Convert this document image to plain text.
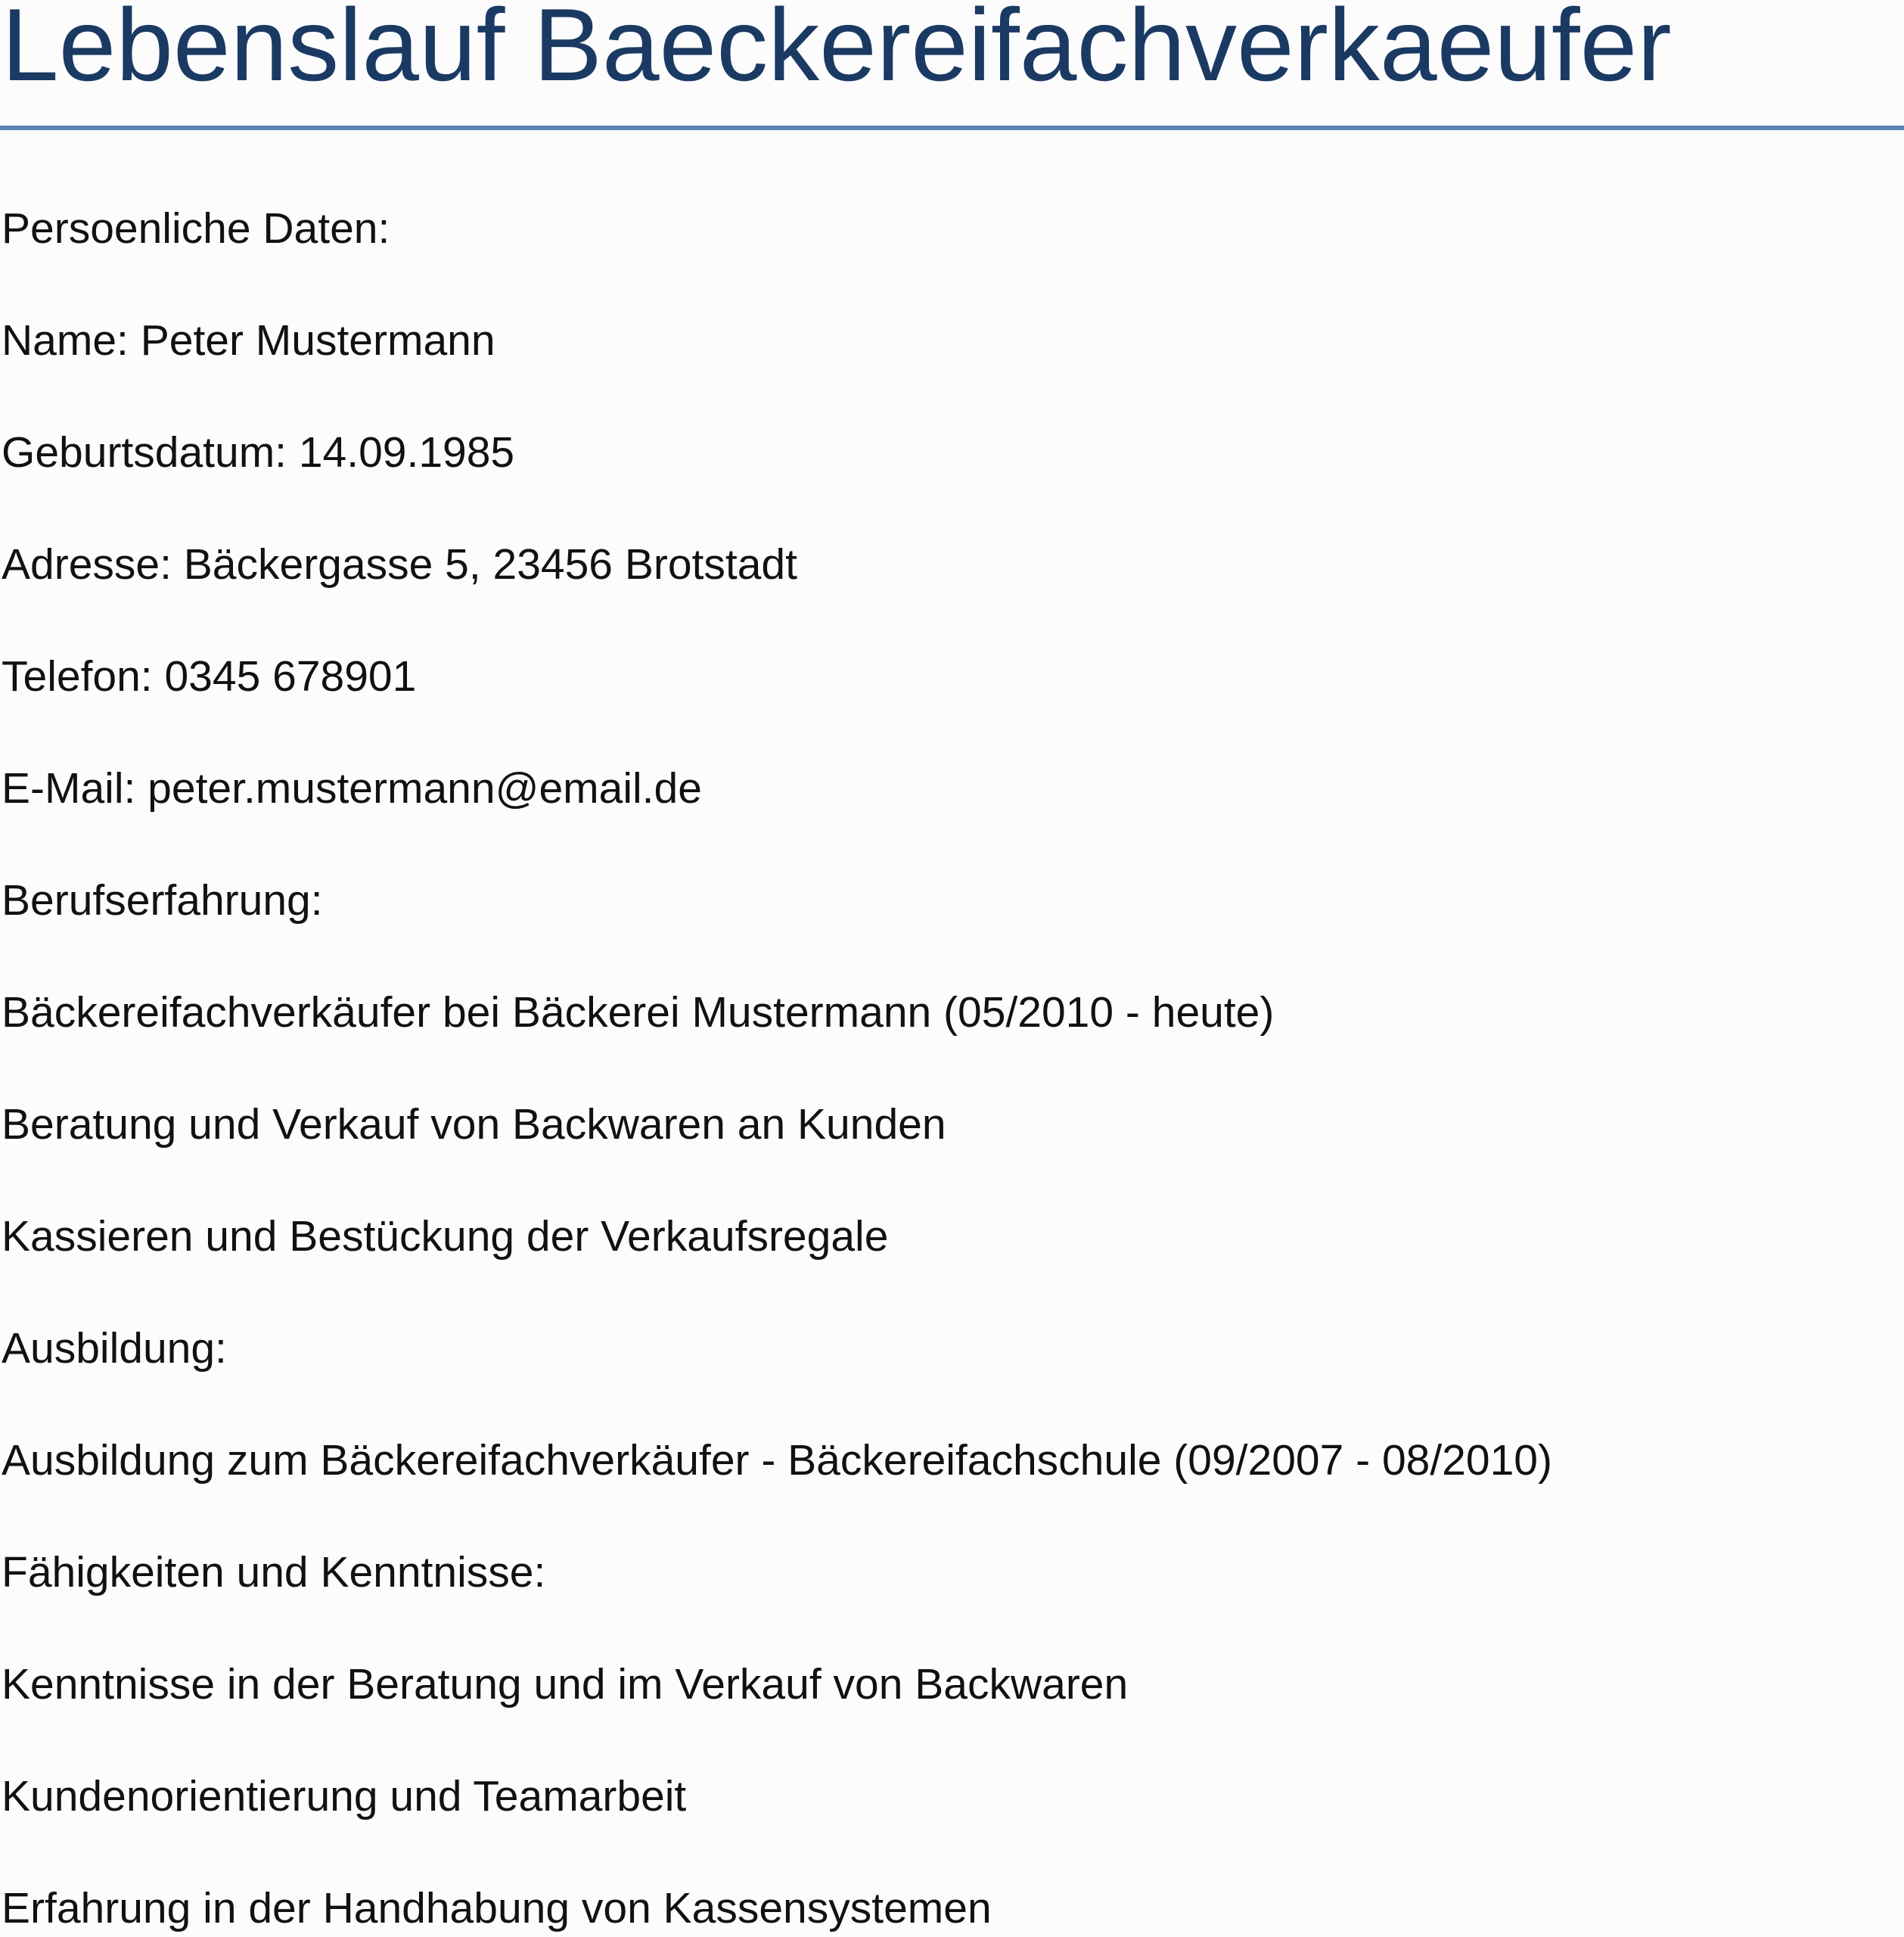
Lebenslauf Baeckereifachverkaeufer

Persoenliche Daten:

Name: Peter Mustermann

Geburtsdatum: 14.09.1985

Adresse: Bäckergasse 5, 23456 Brotstadt

Telefon: 0345 678901

E-Mail: peter.mustermann@email.de

Berufserfahrung:

Bäckereifachverkäufer bei Bäckerei Mustermann (05/2010 - heute)

Beratung und Verkauf von Backwaren an Kunden

Kassieren und Bestückung der Verkaufsregale

Ausbildung:

Ausbildung zum Bäckereifachverkäufer - Bäckereifachschule (09/2007 - 08/2010)

Fähigkeiten und Kenntnisse:

Kenntnisse in der Beratung und im Verkauf von Backwaren

Kundenorientierung und Teamarbeit

Erfahrung in der Handhabung von Kassensystemen
